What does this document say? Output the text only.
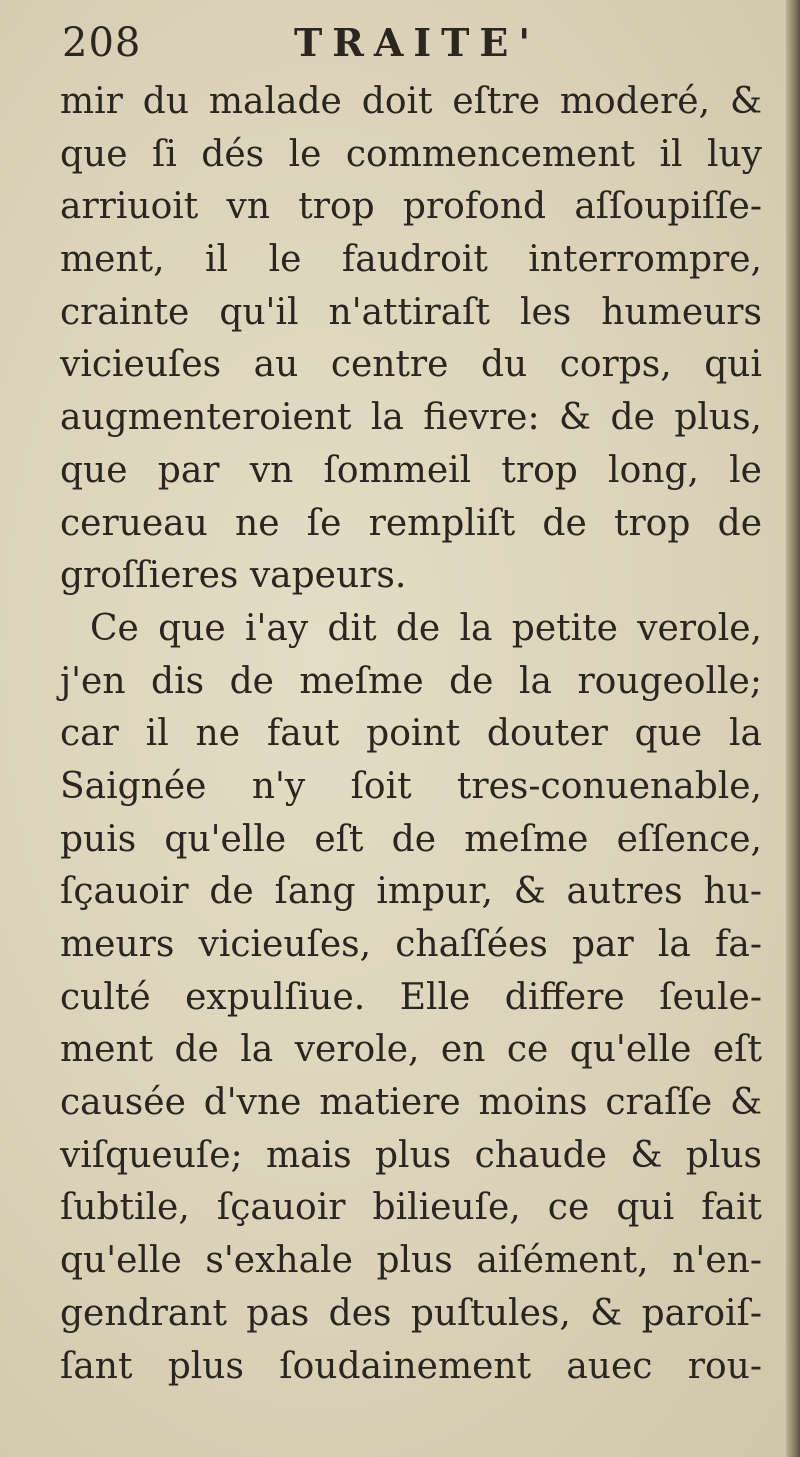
208	TRAITE'
mir du malade doit eſtre moderé, &
que ſi dés le commencement il luy
arriuoit vn trop profond aſſoupiſſe-
ment, il le faudroit interrompre,
crainte qu'il n'attiraſt les humeurs
vicieuſes au centre du corps, qui
augmenteroient la fievre: & de plus,
que par vn ſommeil trop long, le
cerueau ne ſe rempliſt de trop de
groſſieres vapeurs.
Ce que i'ay dit de la petite verole,
j'en dis de meſme de la rougeolle;
car il ne faut point douter que la
Saignée n'y ſoit tres-conuenable,
puis qu'elle eſt de meſme eſſence,
ſçauoir de ſang impur, & autres hu-
meurs vicieuſes, chaſſées par la fa-
culté expulſiue. Elle differe ſeule-
ment de la verole, en ce qu'elle eſt
causée d'vne matiere moins craſſe &
viſqueuſe; mais plus chaude & plus
ſubtile, ſçauoir bilieuſe, ce qui fait
qu'elle s'exhale plus aiſément, n'en-
gendrant pas des puſtules, & paroiſ-
ſant plus ſoudainement auec rou-
